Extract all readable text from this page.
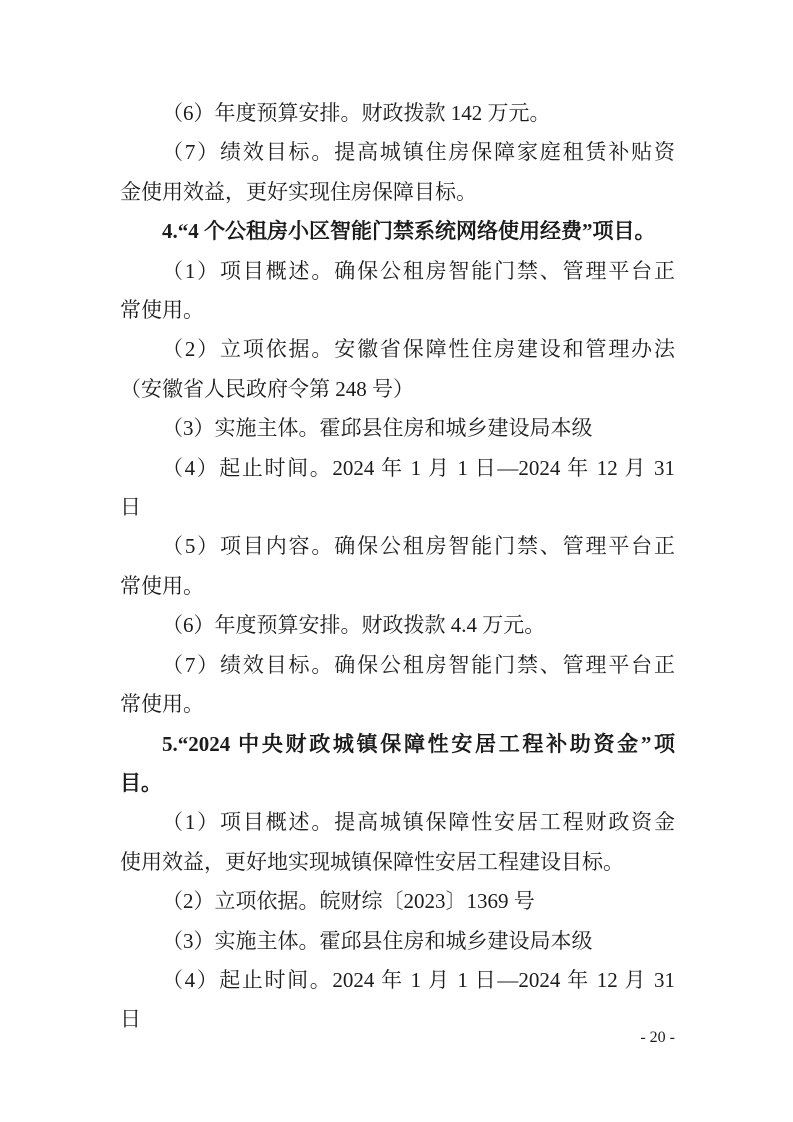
（6）年度预算安排。财政拨款 142 万元。

（7）绩效目标。提高城镇住房保障家庭租赁补贴资
金使用效益，更好实现住房保障目标。

4.“4 个公租房小区智能门禁系统网络使用经费”项目。

（1）项目概述。确保公租房智能门禁、管理平台正
常使用。

（2）立项依据。安徽省保障性住房建设和管理办法
（安徽省人民政府令第 248 号）

（3）实施主体。霍邱县住房和城乡建设局本级

（4）起止时间。2024 年 1 月 1 日—2024 年 12 月 31
日

（5）项目内容。确保公租房智能门禁、管理平台正
常使用。

（6）年度预算安排。财政拨款 4.4 万元。

（7）绩效目标。确保公租房智能门禁、管理平台正
常使用。

5.“2024 中央财政城镇保障性安居工程补助资金”项
目。

（1）项目概述。提高城镇保障性安居工程财政资金
使用效益，更好地实现城镇保障性安居工程建设目标。

（2）立项依据。皖财综〔2023〕1369 号

（3）实施主体。霍邱县住房和城乡建设局本级

（4）起止时间。2024 年 1 月 1 日—2024 年 12 月 31
日

- 20 -
